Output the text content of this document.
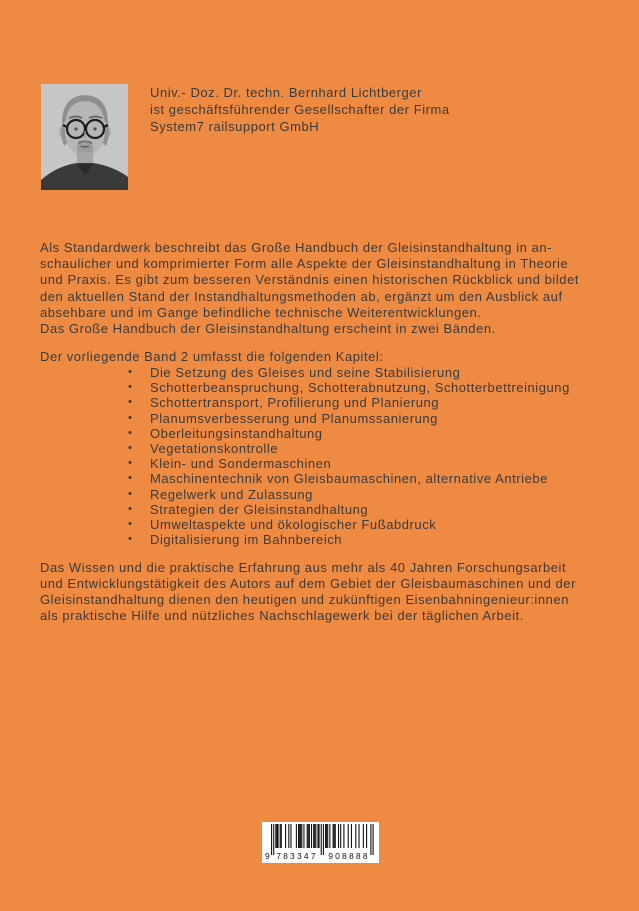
Univ.- Doz. Dr. techn. Bernhard Lichtberger
ist geschäftsführender Gesellschafter der Firma
System7 railsupport GmbH
Als Standardwerk beschreibt das Große Handbuch der Gleisinstandhaltung in an-
schaulicher und komprimierter Form alle Aspekte der Gleisinstandhaltung in Theorie
und Praxis. Es gibt zum besseren Verständnis einen historischen Rückblick und bildet
den aktuellen Stand der Instandhaltungsmethoden ab, ergänzt um den Ausblick auf
absehbare und im Gange befindliche technische Weiterentwicklungen.
Das Große Handbuch der Gleisinstandhaltung erscheint in zwei Bänden.
Der vorliegende Band 2 umfasst die folgenden Kapitel:
•	Die Setzung des Gleises und seine Stabilisierung
•	Schotterbeanspruchung, Schotterabnutzung, Schotterbettreinigung
•	Schottertransport, Profilierung und Planierung
•	Planumsverbesserung und Planumssanierung
•	Oberleitungsinstandhaltung
•	Vegetationskontrolle
•	Klein- und Sondermaschinen
•	Maschinentechnik von Gleisbaumaschinen, alternative Antriebe
•	Regelwerk und Zulassung
•	Strategien der Gleisinstandhaltung
•	Umweltaspekte und ökologischer Fußabdruck
•	Digitalisierung im Bahnbereich
Das Wissen und die praktische Erfahrung aus mehr als 40 Jahren Forschungsarbeit
und Entwicklungstätigkeit des Autors auf dem Gebiet der Gleisbaumaschinen und der
Gleisinstandhaltung dienen den heutigen und zukünftigen Eisenbahningenieur:innen
als praktische Hilfe und nützliches Nachschlagewerk bei der täglichen Arbeit.
9 783347 908888
